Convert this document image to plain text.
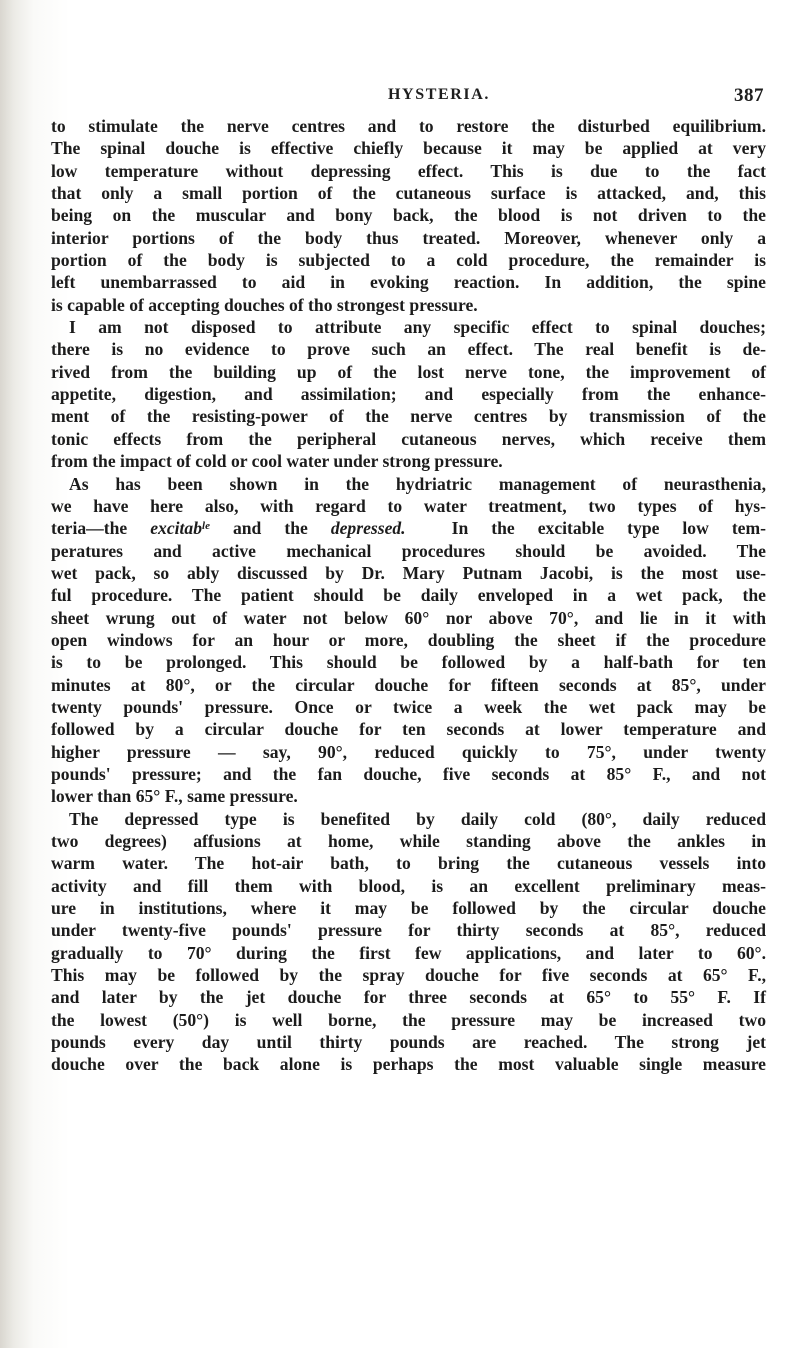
HYSTERIA.	387
to stimulate the nerve centres and to restore the disturbed equilibrium.
The spinal douche is effective chiefly because it may be applied at very
low temperature without depressing effect. This is due to the fact
that only a small portion of the cutaneous surface is attacked, and, this
being on the muscular and bony back, the blood is not driven to the
interior portions of the body thus treated. Moreover, whenever only a
portion of the body is subjected to a cold procedure, the remainder is
left unembarrassed to aid in evoking reaction. In addition, the spine
is capable of accepting douches of tho strongest pressure.
I am not disposed to attribute any specific effect to spinal douches;
there is no evidence to prove such an effect. The real benefit is de-
rived from the building up of the lost nerve tone, the improvement of
appetite, digestion, and assimilation; and especially from the enhance-
ment of the resisting-power of the nerve centres by transmission of the
tonic effects from the peripheral cutaneous nerves, which receive them
from the impact of cold or cool water under strong pressure.
As has been shown in the hydriatric management of neurasthenia,
we have here also, with regard to water treatment, two types of hys-
teria—the excitab$^{le}$ and the depressed.  In the excitable type low tem-
peratures and active mechanical procedures should be avoided. The
wet pack, so ably discussed by Dr. Mary Putnam Jacobi, is the most use-
ful procedure. The patient should be daily enveloped in a wet pack, the
sheet wrung out of water not below 60° nor above 70°, and lie in it with
open windows for an hour or more, doubling the sheet if the procedure
is to be prolonged. This should be followed by a half-bath for ten
minutes at 80°, or the circular douche for fifteen seconds at 85°, under
twenty pounds' pressure. Once or twice a week the wet pack may be
followed by a circular douche for ten seconds at lower temperature and
higher pressure — say, 90°, reduced quickly to 75°, under twenty
pounds' pressure; and the fan douche, five seconds at 85° F., and not
lower than 65° F., same pressure.
The depressed type is benefited by daily cold (80°, daily reduced
two degrees) affusions at home, while standing above the ankles in
warm water. The hot-air bath, to bring the cutaneous vessels into
activity and fill them with blood, is an excellent preliminary meas-
ure in institutions, where it may be followed by the circular douche
under twenty-five pounds' pressure for thirty seconds at 85°, reduced
gradually to 70° during the first few applications, and later to 60°.
This may be followed by the spray douche for five seconds at 65° F.,
and later by the jet douche for three seconds at 65° to 55° F. If
the lowest (50°) is well borne, the pressure may be increased two
pounds every day until thirty pounds are reached. The strong jet
douche over the back alone is perhaps the most valuable single measure
